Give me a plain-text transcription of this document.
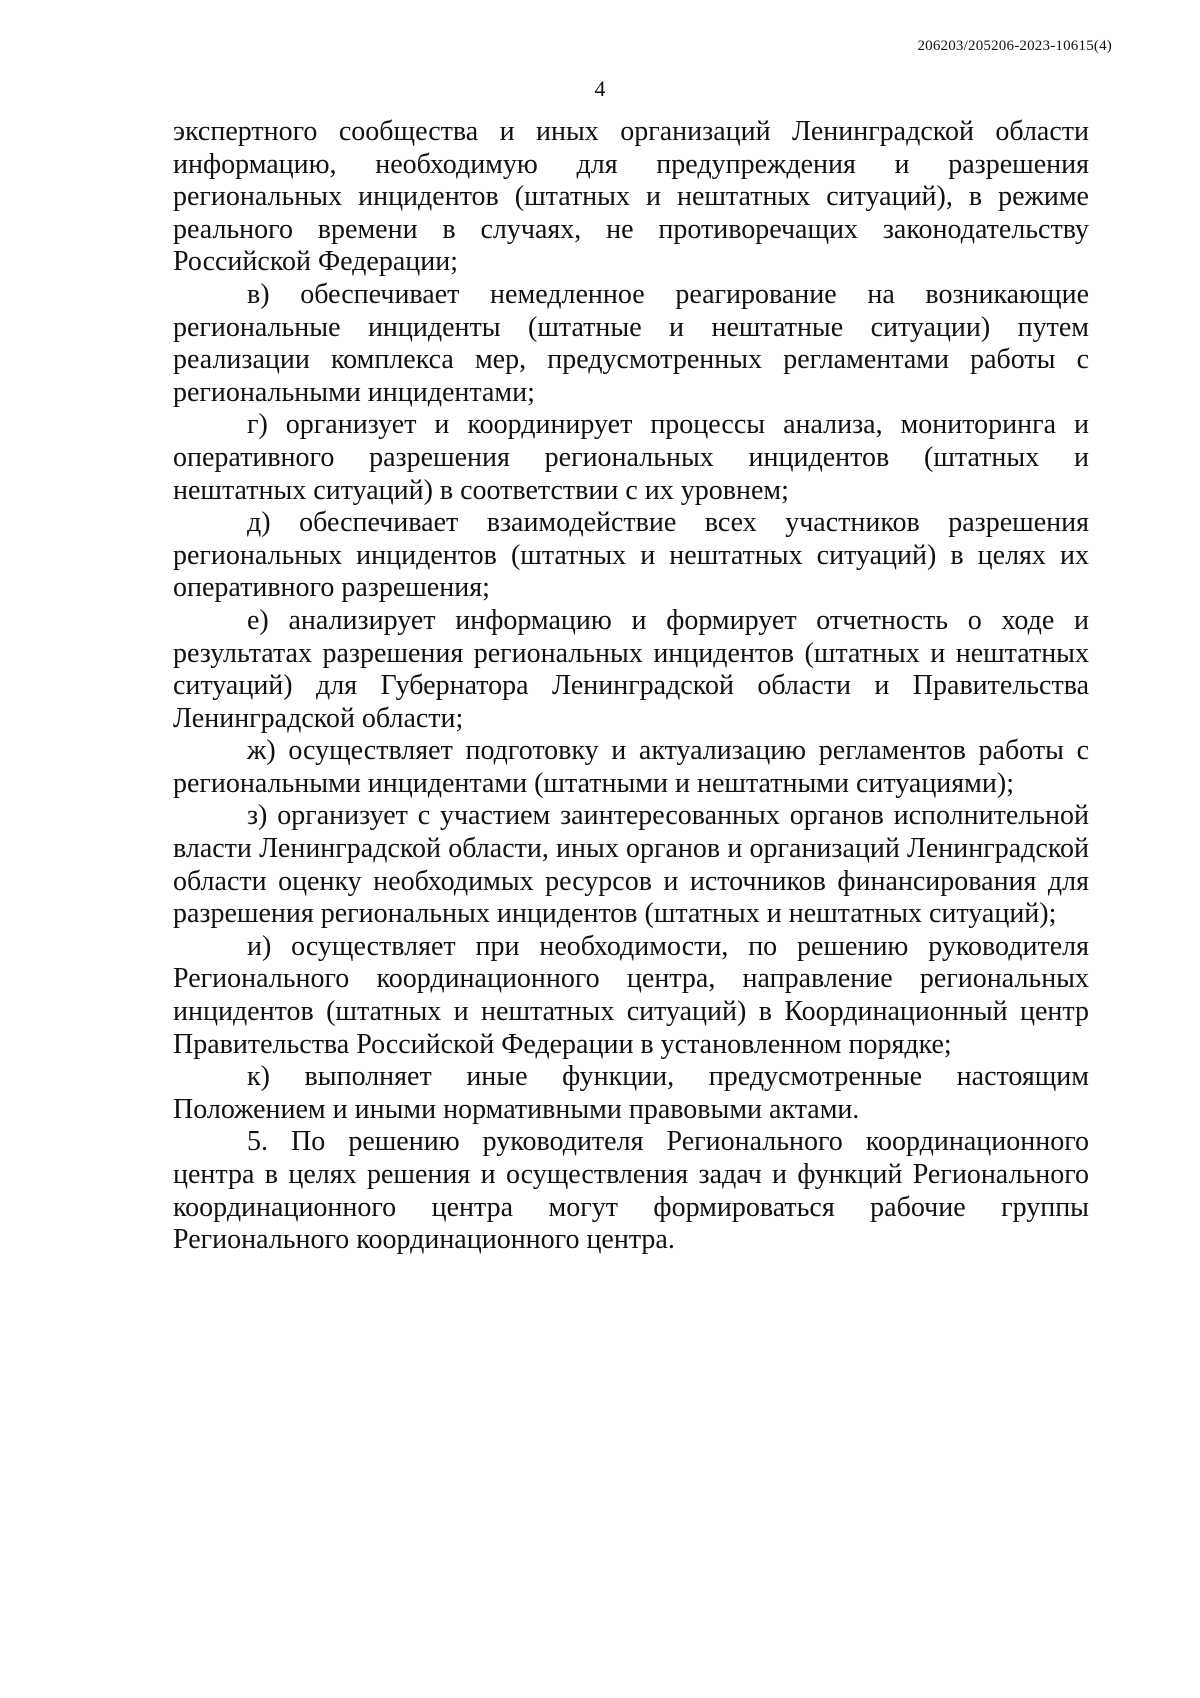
206203/205206-2023-10615(4)
4

экспертного сообщества и иных организаций Ленинградской области информацию, необходимую для предупреждения и разрешения региональных инцидентов (штатных и нештатных ситуаций), в режиме реального времени в случаях, не противоречащих законодательству Российской Федерации;

в) обеспечивает немедленное реагирование на возникающие региональные инциденты (штатные и нештатные ситуации) путем реализации комплекса мер, предусмотренных регламентами работы с региональными инцидентами;

г) организует и координирует процессы анализа, мониторинга и оперативного разрешения региональных инцидентов (штатных и нештатных ситуаций) в соответствии с их уровнем;

д) обеспечивает взаимодействие всех участников разрешения региональных инцидентов (штатных и нештатных ситуаций) в целях их оперативного разрешения;

е) анализирует информацию и формирует отчетность о ходе и результатах разрешения региональных инцидентов (штатных и нештатных ситуаций) для Губернатора Ленинградской области и Правительства Ленинградской области;

ж) осуществляет подготовку и актуализацию регламентов работы с региональными инцидентами (штатными и нештатными ситуациями);

з) организует с участием заинтересованных органов исполнительной власти Ленинградской области, иных органов и организаций Ленинградской области оценку необходимых ресурсов и источников финансирования для разрешения региональных инцидентов (штатных и нештатных ситуаций);

и) осуществляет при необходимости, по решению руководителя Регионального координационного центра, направление региональных инцидентов (штатных и нештатных ситуаций) в Координационный центр Правительства Российской Федерации в установленном порядке;

к) выполняет иные функции, предусмотренные настоящим Положением и иными нормативными правовыми актами.

5. По решению руководителя Регионального координационного центра в целях решения и осуществления задач и функций Регионального координационного центра могут формироваться рабочие группы Регионального координационного центра.
